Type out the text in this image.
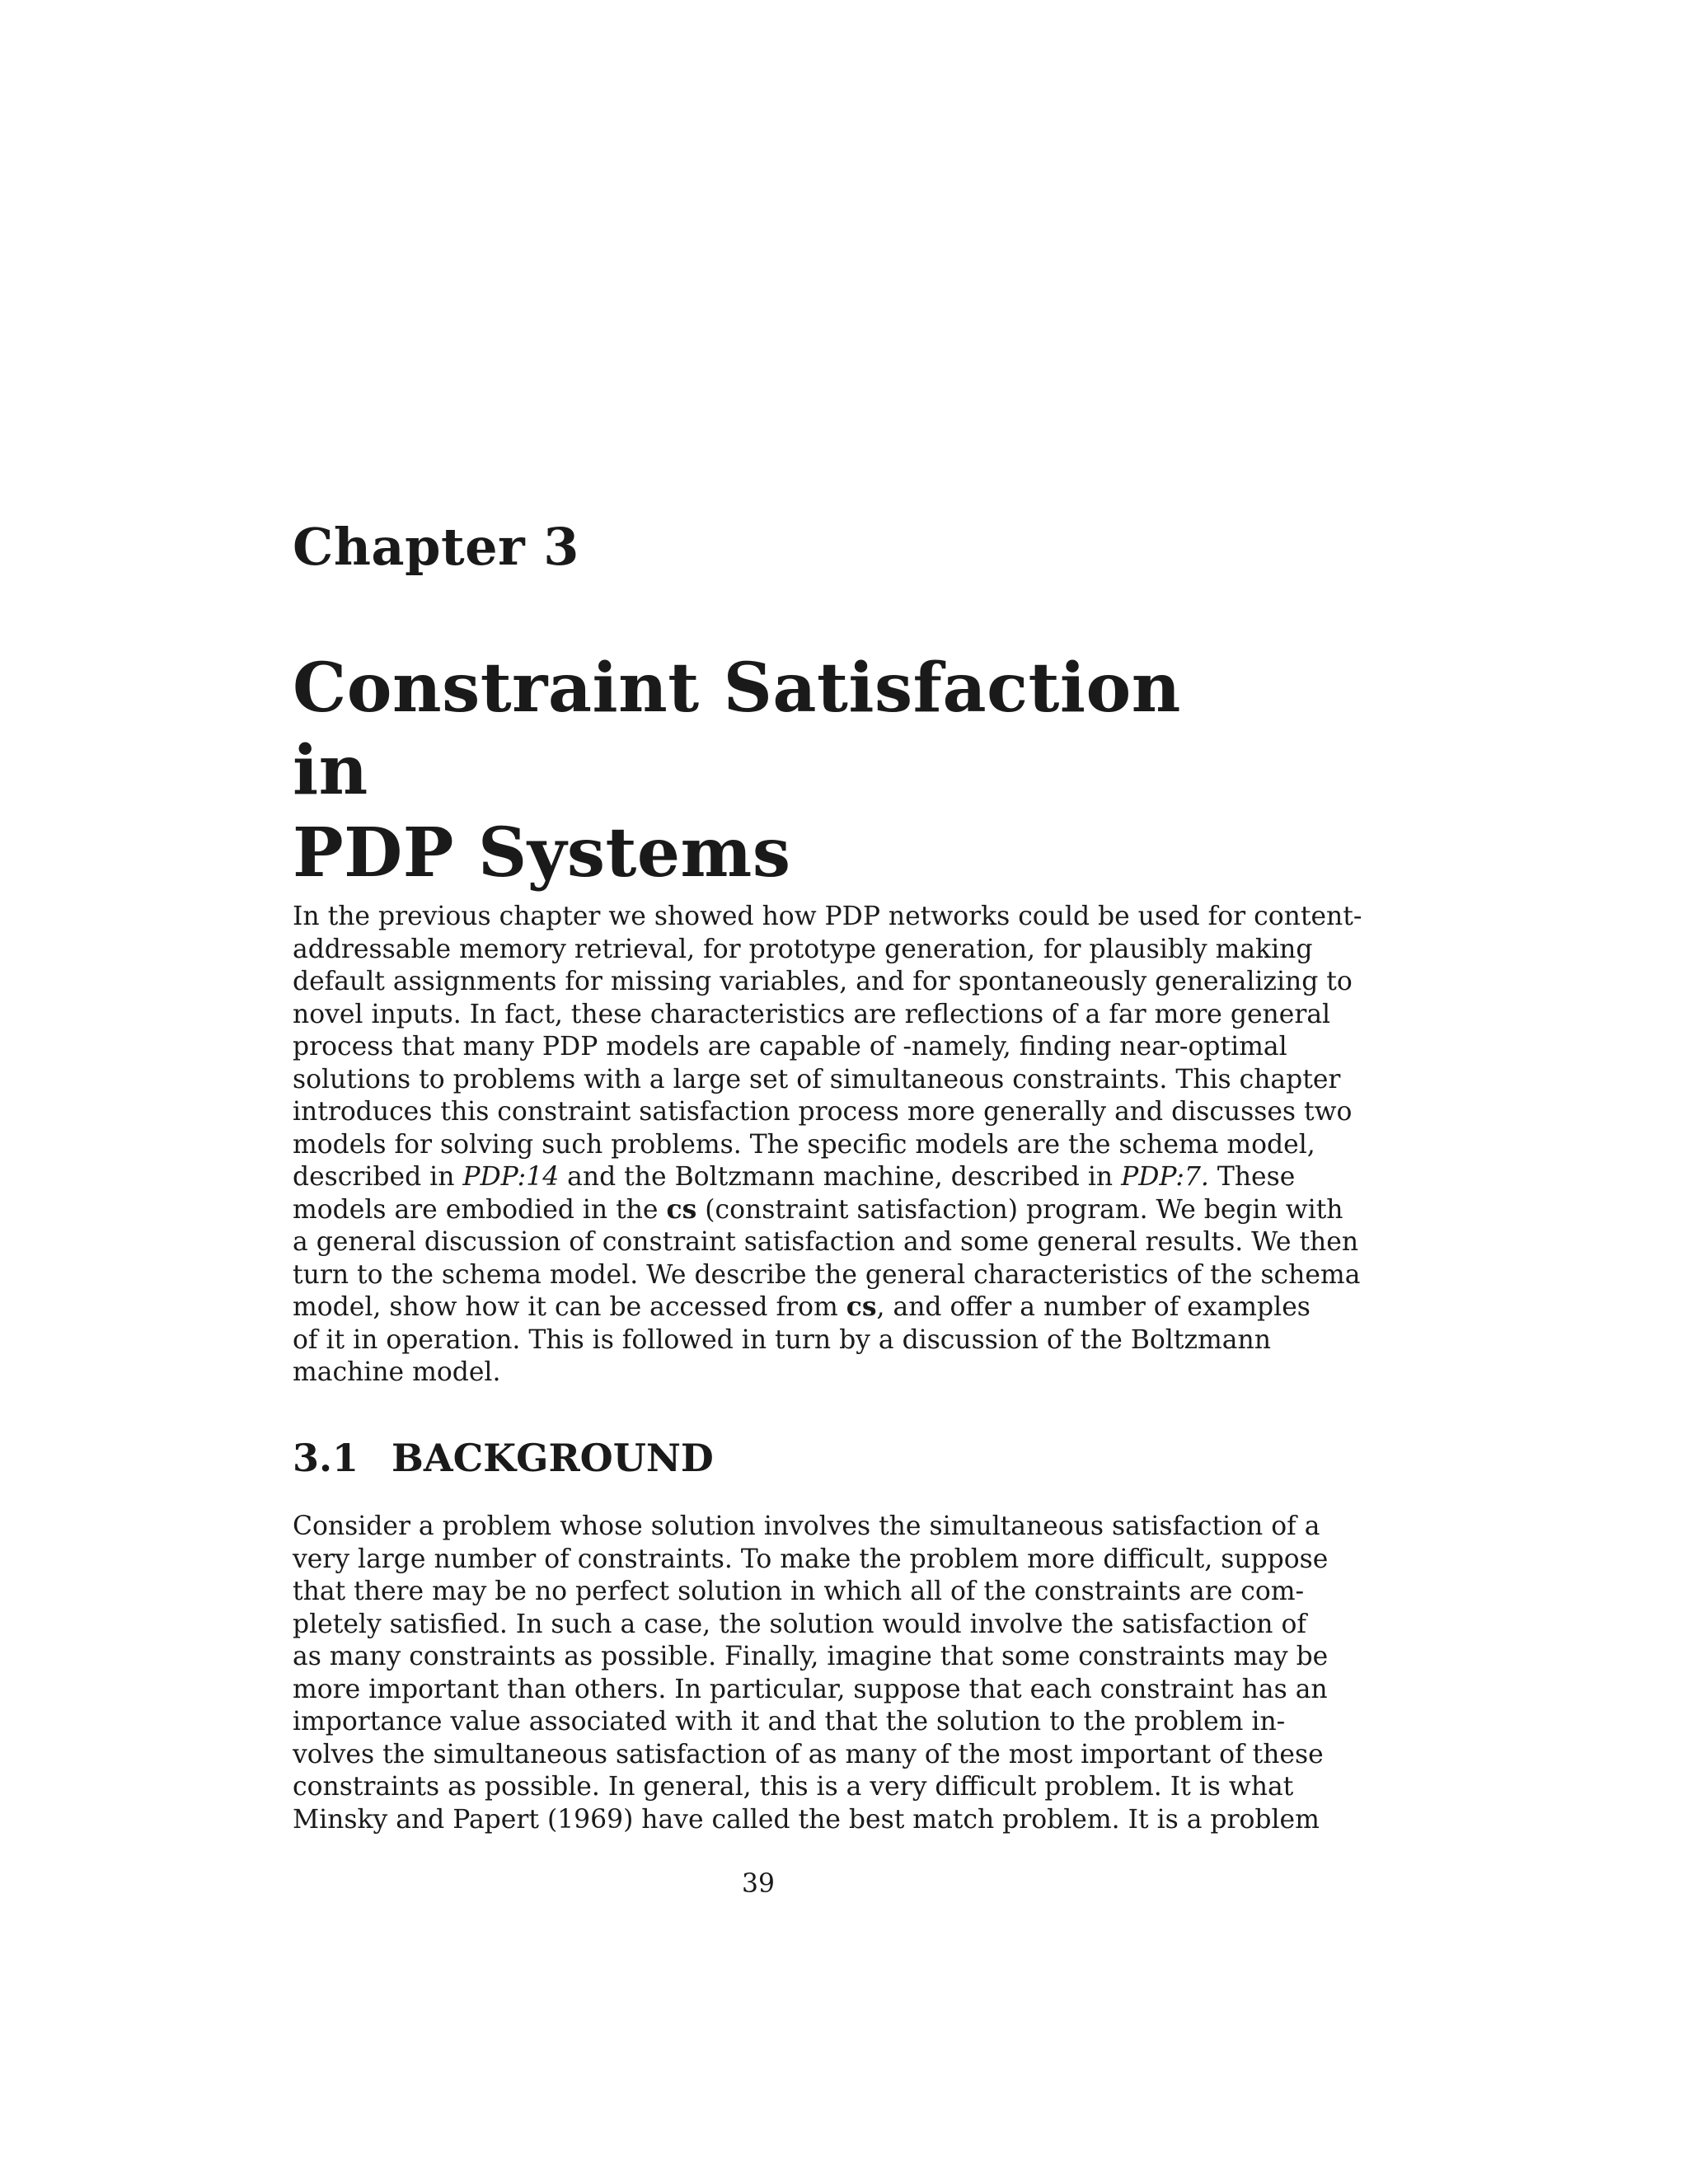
Chapter 3
Constraint Satisfaction in
PDP Systems
In the previous chapter we showed how PDP networks could be used for content-
addressable memory retrieval, for prototype generation, for plausibly making
default assignments for missing variables, and for spontaneously generalizing to
novel inputs. In fact, these characteristics are reflections of a far more general
process that many PDP models are capable of -namely, finding near-optimal
solutions to problems with a large set of simultaneous constraints. This chapter
introduces this constraint satisfaction process more generally and discusses two
models for solving such problems. The specific models are the schema model,
described in PDP:14 and the Boltzmann machine, described in PDP:7. These
models are embodied in the cs (constraint satisfaction) program. We begin with
a general discussion of constraint satisfaction and some general results. We then
turn to the schema model. We describe the general characteristics of the schema
model, show how it can be accessed from cs, and offer a number of examples
of it in operation. This is followed in turn by a discussion of the Boltzmann
machine model.
3.1 BACKGROUND
Consider a problem whose solution involves the simultaneous satisfaction of a
very large number of constraints. To make the problem more difficult, suppose
that there may be no perfect solution in which all of the constraints are com-
pletely satisfied. In such a case, the solution would involve the satisfaction of
as many constraints as possible. Finally, imagine that some constraints may be
more important than others. In particular, suppose that each constraint has an
importance value associated with it and that the solution to the problem in-
volves the simultaneous satisfaction of as many of the most important of these
constraints as possible. In general, this is a very difficult problem. It is what
Minsky and Papert (1969) have called the best match problem. It is a problem
39
